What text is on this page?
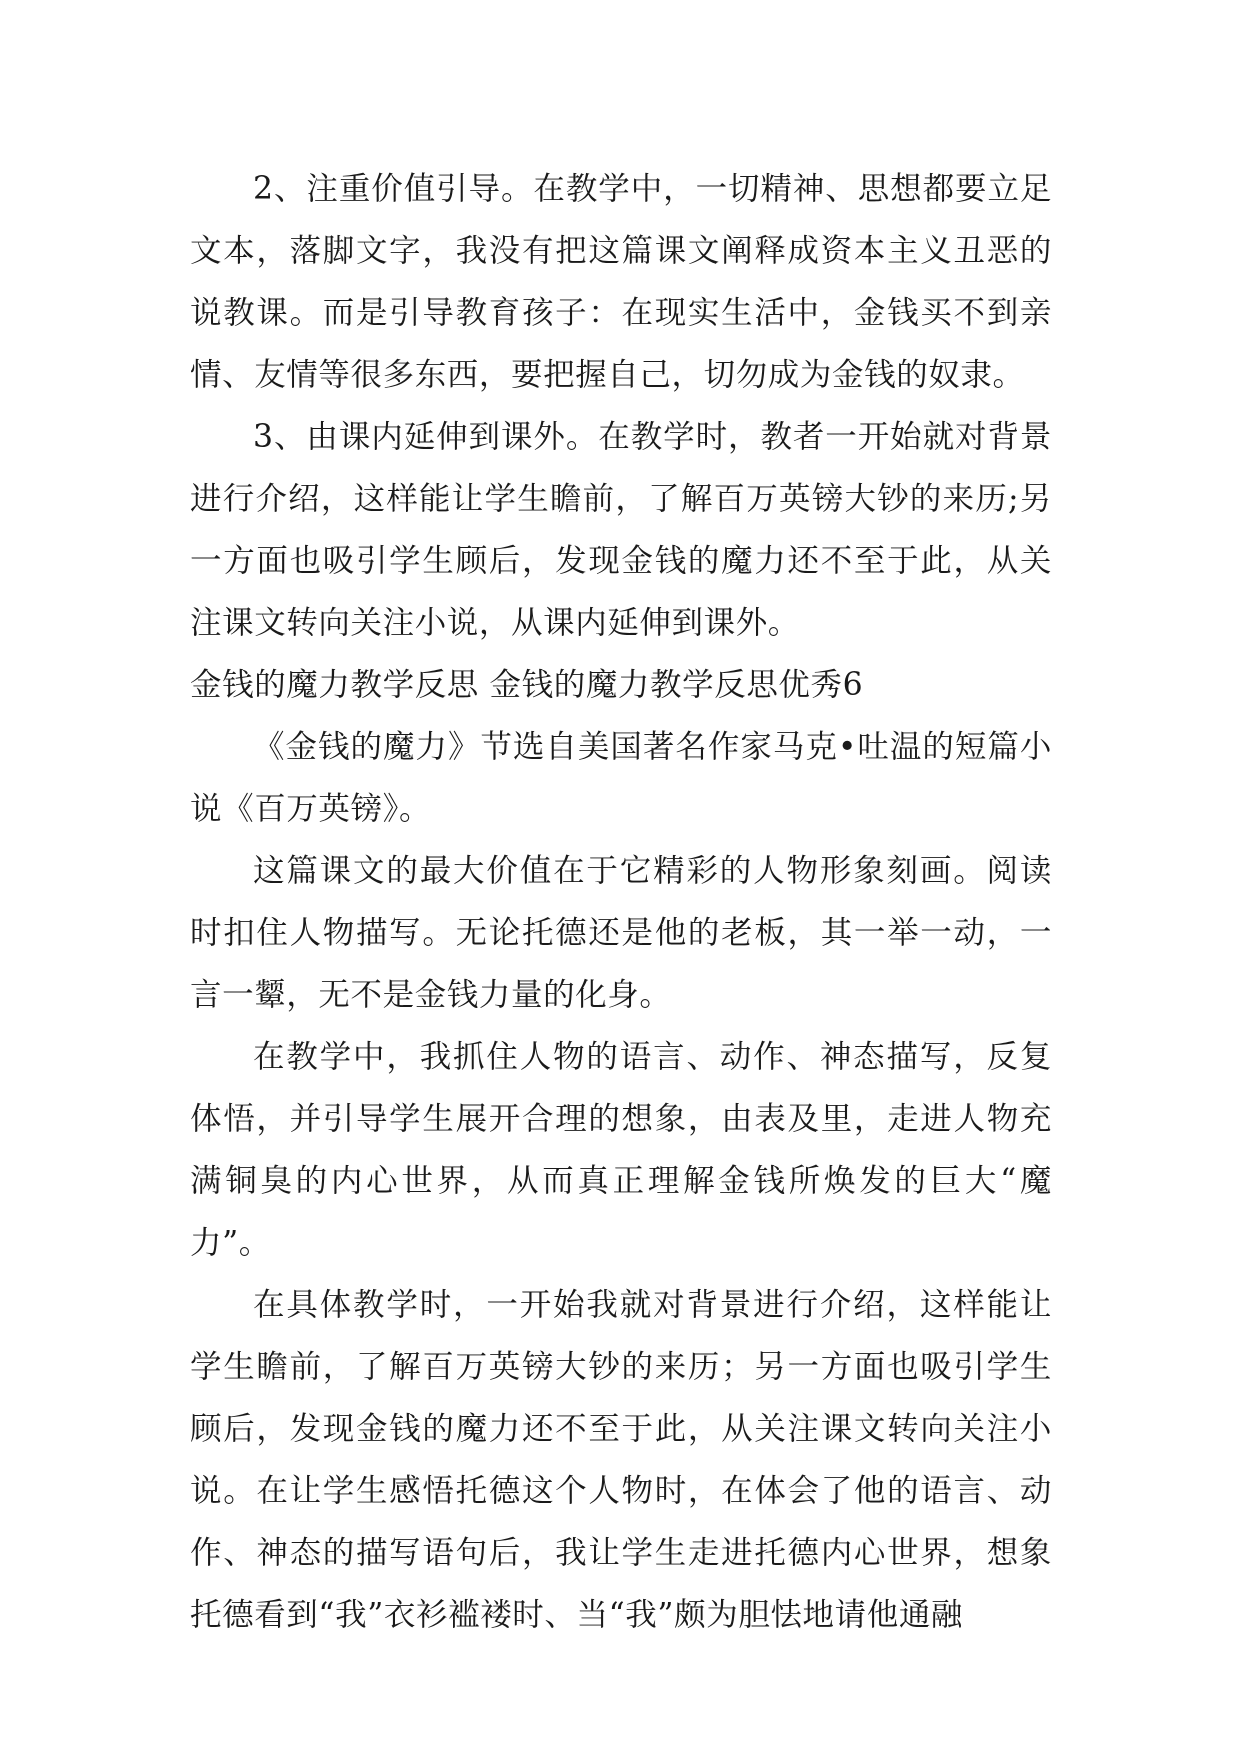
2、注重价值引导。在教学中，一切精神、思想都要立足文本，落脚文字，我没有把这篇课文阐释成资本主义丑恶的说教课。而是引导教育孩子：在现实生活中，金钱买不到亲情、友情等很多东西，要把握自己，切勿成为金钱的奴隶。

3、由课内延伸到课外。在教学时，教者一开始就对背景进行介绍，这样能让学生瞻前，了解百万英镑大钞的来历;另一方面也吸引学生顾后，发现金钱的魔力还不至于此，从关注课文转向关注小说，从课内延伸到课外。

金钱的魔力教学反思 金钱的魔力教学反思优秀6

《金钱的魔力》节选自美国著名作家马克•吐温的短篇小说《百万英镑》。

这篇课文的最大价值在于它精彩的人物形象刻画。阅读时扣住人物描写。无论托德还是他的老板，其一举一动，一言一颦，无不是金钱力量的化身。

在教学中，我抓住人物的语言、动作、神态描写，反复体悟，并引导学生展开合理的想象，由表及里，走进人物充满铜臭的内心世界，从而真正理解金钱所焕发的巨大“魔力”。

在具体教学时，一开始我就对背景进行介绍，这样能让学生瞻前，了解百万英镑大钞的来历；另一方面也吸引学生顾后，发现金钱的魔力还不至于此，从关注课文转向关注小说。在让学生感悟托德这个人物时，在体会了他的语言、动作、神态的描写语句后，我让学生走进托德内心世界，想象托德看到“我”衣衫褴褛时、当“我”颇为胆怯地请他通融
